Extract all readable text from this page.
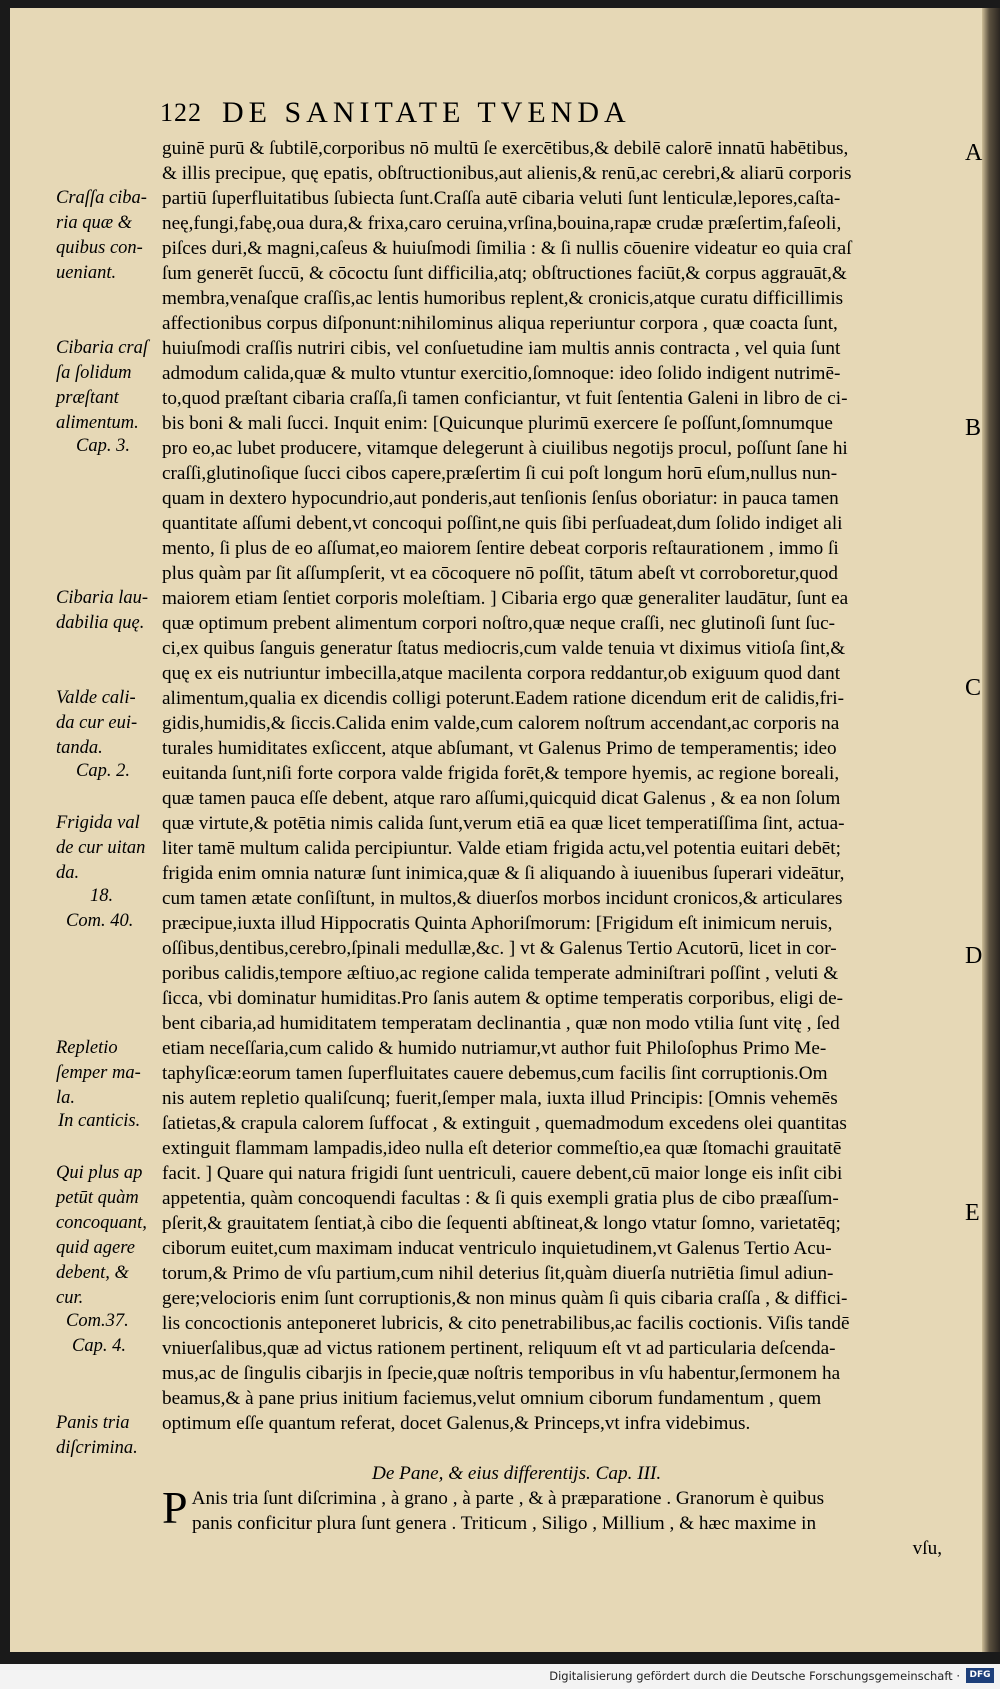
122 DE SANITATE TVENDA
guinē purū & ſubtilē,corporibus nō multū ſe exercētibus,& debilē calorē innatū habētibus,
& illis precipue, quę epatis, obſtructionibus,aut alienis,& renū,ac cerebri,& aliarū corporis
partiū ſuperfluitatibus ſubiecta ſunt.Craſſa autē cibaria veluti ſunt lenticulæ,lepores,caſta-
neę,fungi,fabę,oua dura,& frixa,caro ceruina,vrſina,bouina,rapæ crudæ præſertim,faſeoli,
piſces duri,& magni,caſeus & huiuſmodi ſimilia : & ſi nullis cōuenire videatur eo quia craſ
ſum generēt ſuccū, & cōcoctu ſunt difficilia,atq; obſtructiones faciūt,& corpus aggrauāt,&
membra,venaſque craſſis,ac lentis humoribus replent,& cronicis,atque curatu difficillimis
affectionibus corpus diſponunt:nihilominus aliqua reperiuntur corpora , quæ coacta ſunt,
huiuſmodi craſſis nutriri cibis, vel conſuetudine iam multis annis contracta , vel quia ſunt
admodum calida,quæ & multo vtuntur exercitio,ſomnoque: ideo ſolido indigent nutrimē-
to,quod præſtant cibaria craſſa,ſi tamen conficiantur, vt fuit ſententia Galeni in libro de ci-
bis boni & mali ſucci. Inquit enim: [Quicunque plurimū exercere ſe poſſunt,ſomnumque
pro eo,ac lubet producere, vitamque delegerunt à ciuilibus negotijs procul, poſſunt ſane hi
craſſi,glutinoſique ſucci cibos capere,præſertim ſi cui poſt longum horū eſum,nullus nun-
quam in dextero hypocundrio,aut ponderis,aut tenſionis ſenſus oboriatur: in pauca tamen
quantitate aſſumi debent,vt concoqui poſſint,ne quis ſibi perſuadeat,dum ſolido indiget ali
mento, ſi plus de eo aſſumat,eo maiorem ſentire debeat corporis reſtaurationem , immo ſi
plus quàm par ſit aſſumpſerit, vt ea cōcoquere nō poſſit, tātum abeſt vt corroboretur,quod
maiorem etiam ſentiet corporis moleſtiam. ] Cibaria ergo quæ generaliter laudātur, ſunt ea
quæ optimum prebent alimentum corpori noſtro,quæ neque craſſi, nec glutinoſi ſunt ſuc-
ci,ex quibus ſanguis generatur ſtatus mediocris,cum valde tenuia vt diximus vitioſa ſint,&
quę ex eis nutriuntur imbecilla,atque macilenta corpora reddantur,ob exiguum quod dant
alimentum,qualia ex dicendis colligi poterunt.Eadem ratione dicendum erit de calidis,fri-
gidis,humidis,& ſiccis.Calida enim valde,cum calorem noſtrum accendant,ac corporis na
turales humiditates exſiccent, atque abſumant, vt Galenus Primo de temperamentis; ideo
euitanda ſunt,niſi forte corpora valde frigida forēt,& tempore hyemis, ac regione boreali,
quæ tamen pauca eſſe debent, atque raro aſſumi,quicquid dicat Galenus , & ea non ſolum
quæ virtute,& potētia nimis calida ſunt,verum etiā ea quæ licet temperatiſſima ſint, actua-
liter tamē multum calida percipiuntur. Valde etiam frigida actu,vel potentia euitari debēt;
frigida enim omnia naturæ ſunt inimica,quæ & ſi aliquando à iuuenibus ſuperari videātur,
cum tamen ætate conſiſtunt, in multos,& diuerſos morbos incidunt cronicos,& articulares
præcipue,iuxta illud Hippocratis Quinta Aphoriſmorum: [Frigidum eſt inimicum neruis,
oſſibus,dentibus,cerebro,ſpinali medullæ,&c. ] vt & Galenus Tertio Acutorū, licet in cor-
poribus calidis,tempore æſtiuo,ac regione calida temperate adminiſtrari poſſint , veluti &
ſicca, vbi dominatur humiditas.Pro ſanis autem & optime temperatis corporibus, eligi de-
bent cibaria,ad humiditatem temperatam declinantia , quæ non modo vtilia ſunt vitę , ſed
etiam neceſſaria,cum calido & humido nutriamur,vt author fuit Philoſophus Primo Me-
taphyſicæ:eorum tamen ſuperfluitates cauere debemus,cum facilis ſint corruptionis.Om
nis autem repletio qualiſcunq; fuerit,ſemper mala, iuxta illud Principis: [Omnis vehemēs
ſatietas,& crapula calorem ſuffocat , & extinguit , quemadmodum excedens olei quantitas
extinguit flammam lampadis,ideo nulla eſt deterior commeſtio,ea quæ ſtomachi grauitatē
facit. ] Quare qui natura frigidi ſunt uentriculi, cauere debent,cū maior longe eis inſit cibi
appetentia, quàm concoquendi facultas : & ſi quis exempli gratia plus de cibo præaſſum-
pſerit,& grauitatem ſentiat,à cibo die ſequenti abſtineat,& longo vtatur ſomno, varietatēq;
ciborum euitet,cum maximam inducat ventriculo inquietudinem,vt Galenus Tertio Acu-
torum,& Primo de vſu partium,cum nihil deterius ſit,quàm diuerſa nutriētia ſimul adiun-
gere;velocioris enim ſunt corruptionis,& non minus quàm ſi quis cibaria craſſa , & diffici-
lis concoctionis anteponeret lubricis, & cito penetrabilibus,ac facilis coctionis. Viſis tandē
vniuerſalibus,quæ ad victus rationem pertinent, reliquum eſt vt ad particularia deſcenda-
mus,ac de ſingulis cibarjis in ſpecie,quæ noſtris temporibus in vſu habentur,ſermonem ha
beamus,& à pane prius initium faciemus,velut omnium ciborum fundamentum , quem
optimum eſſe quantum referat, docet Galenus,& Princeps,vt infra videbimus.
De Pane, & eius differentijs. Cap. III.
P Anis tria ſunt diſcrimina , à grano , à parte , & à præparatione . Granorum è quibus
panis conficitur plura ſunt genera . Triticum , Siligo , Millium , & hæc maxime in
vſu,
Craſſa ciba-
ria quæ &
quibus con-
ueniant.
Cibaria craſ
ſa ſolidum
præſtant
alimentum.
Cap. 3.
Cibaria lau-
dabilia quę.
Valde cali-
da cur eui-
tanda.
Cap. 2.
Frigida val
de cur uitan
da.
18.
Com. 40.
Repletio
ſemper ma-
la.
In canticis.
Qui plus ap
petūt quàm
concoquant,
quid agere
debent, &
cur.
Com.37.
Cap. 4.
Panis tria
diſcrimina.
A
B
C
D
E
Digitalisierung gefördert durch die Deutsche Forschungsgemeinschaft ·	DFG
